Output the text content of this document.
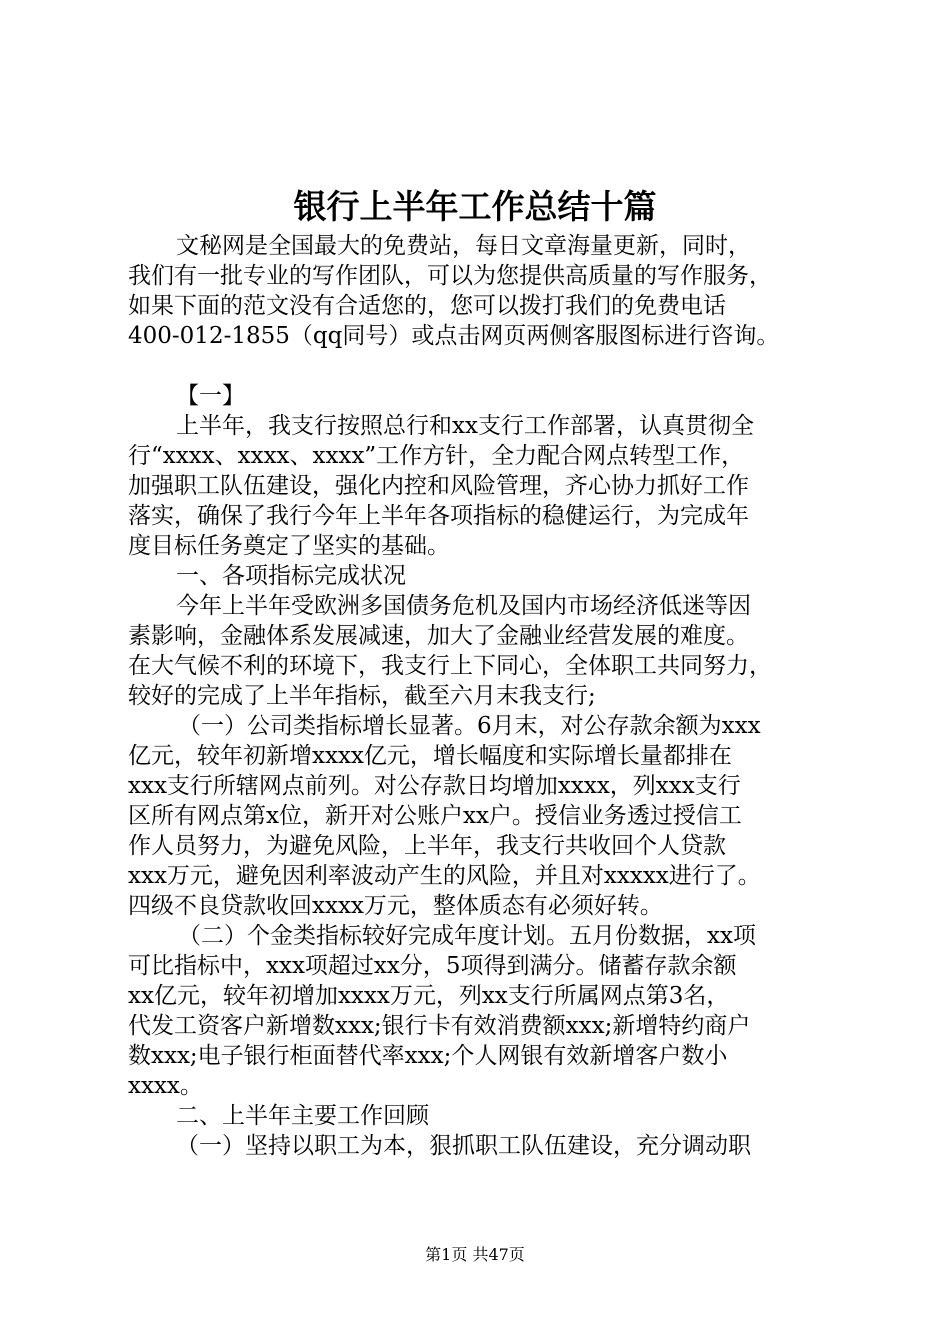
银行上半年工作总结十篇
文秘网是全国最大的免费站，每日文章海量更新，同时，
我们有一批专业的写作团队，可以为您提供高质量的写作服务，
如果下面的范文没有合适您的，您可以拨打我们的免费电话
400-012-1855（qq同号）或点击网页两侧客服图标进行咨询。
【一】
上半年，我支行按照总行和xx支行工作部署，认真贯彻全
行“xxxx、xxxx、xxxx”工作方针，全力配合网点转型工作，
加强职工队伍建设，强化内控和风险管理，齐心协力抓好工作
落实，确保了我行今年上半年各项指标的稳健运行，为完成年
度目标任务奠定了坚实的基础。
一、各项指标完成状况
今年上半年受欧洲多国债务危机及国内市场经济低迷等因
素影响，金融体系发展减速，加大了金融业经营发展的难度。
在大气候不利的环境下，我支行上下同心，全体职工共同努力，
较好的完成了上半年指标，截至六月末我支行;
（一）公司类指标增长显著。6月末，对公存款余额为xxx
亿元，较年初新增xxxx亿元，增长幅度和实际增长量都排在
xxx支行所辖网点前列。对公存款日均增加xxxx，列xxx支行
区所有网点第x位，新开对公账户xx户。授信业务透过授信工
作人员努力，为避免风险，上半年，我支行共收回个人贷款
xxx万元，避免因利率波动产生的风险，并且对xxxxx进行了。
四级不良贷款收回xxxx万元，整体质态有必须好转。
（二）个金类指标较好完成年度计划。五月份数据，xx项
可比指标中，xxx项超过xx分，5项得到满分。储蓄存款余额
xx亿元，较年初增加xxxx万元，列xx支行所属网点第3名，
代发工资客户新增数xxx;银行卡有效消费额xxx;新增特约商户
数xxx;电子银行柜面替代率xxx;个人网银有效新增客户数小
xxxx。
二、上半年主要工作回顾
（一）坚持以职工为本，狠抓职工队伍建设，充分调动职
第1页 共47页
